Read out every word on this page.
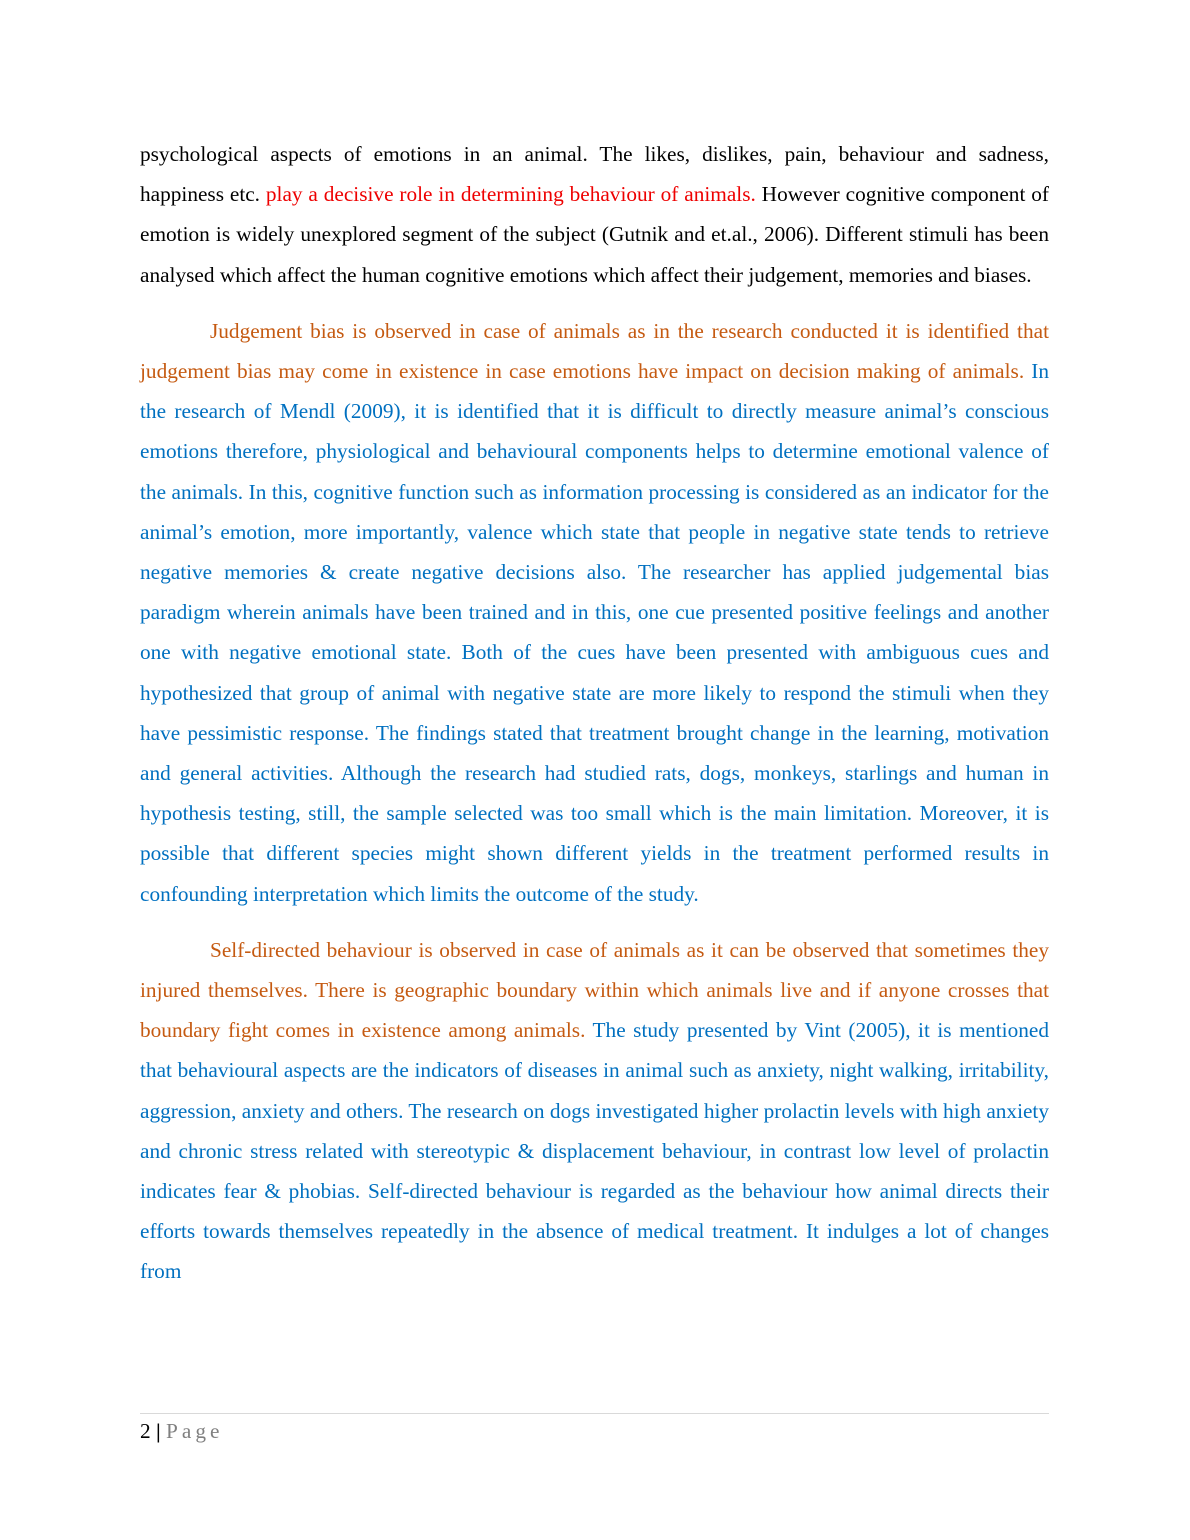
psychological aspects of emotions in an animal. The likes, dislikes, pain, behaviour and sadness, happiness etc. play a decisive role in determining behaviour of animals. However cognitive component of emotion is widely unexplored segment of the subject (Gutnik and et.al., 2006). Different stimuli has been analysed which affect the human cognitive emotions which affect their judgement, memories and biases.

Judgement bias is observed in case of animals as in the research conducted it is identified that judgement bias may come in existence in case emotions have impact on decision making of animals. In the research of Mendl (2009), it is identified that it is difficult to directly measure animal’s conscious emotions therefore, physiological and behavioural components helps to determine emotional valence of the animals. In this, cognitive function such as information processing is considered as an indicator for the animal’s emotion, more importantly, valence which state that people in negative state tends to retrieve negative memories & create negative decisions also. The researcher has applied judgemental bias paradigm wherein animals have been trained and in this, one cue presented positive feelings and another one with negative emotional state. Both of the cues have been presented with ambiguous cues and hypothesized that group of animal with negative state are more likely to respond the stimuli when they have pessimistic response. The findings stated that treatment brought change in the learning, motivation and general activities. Although the research had studied rats, dogs, monkeys, starlings and human in hypothesis testing, still, the sample selected was too small which is the main limitation. Moreover, it is possible that different species might shown different yields in the treatment performed results in confounding interpretation which limits the outcome of the study.

Self-directed behaviour is observed in case of animals as it can be observed that sometimes they injured themselves. There is geographic boundary within which animals live and if anyone crosses that boundary fight comes in existence among animals. The study presented by Vint (2005), it is mentioned that behavioural aspects are the indicators of diseases in animal such as anxiety, night walking, irritability, aggression, anxiety and others. The research on dogs investigated higher prolactin levels with high anxiety and chronic stress related with stereotypic & displacement behaviour, in contrast low level of prolactin indicates fear & phobias. Self-directed behaviour is regarded as the behaviour how animal directs their efforts towards themselves repeatedly in the absence of medical treatment. It indulges a lot of changes from

2 | Page
